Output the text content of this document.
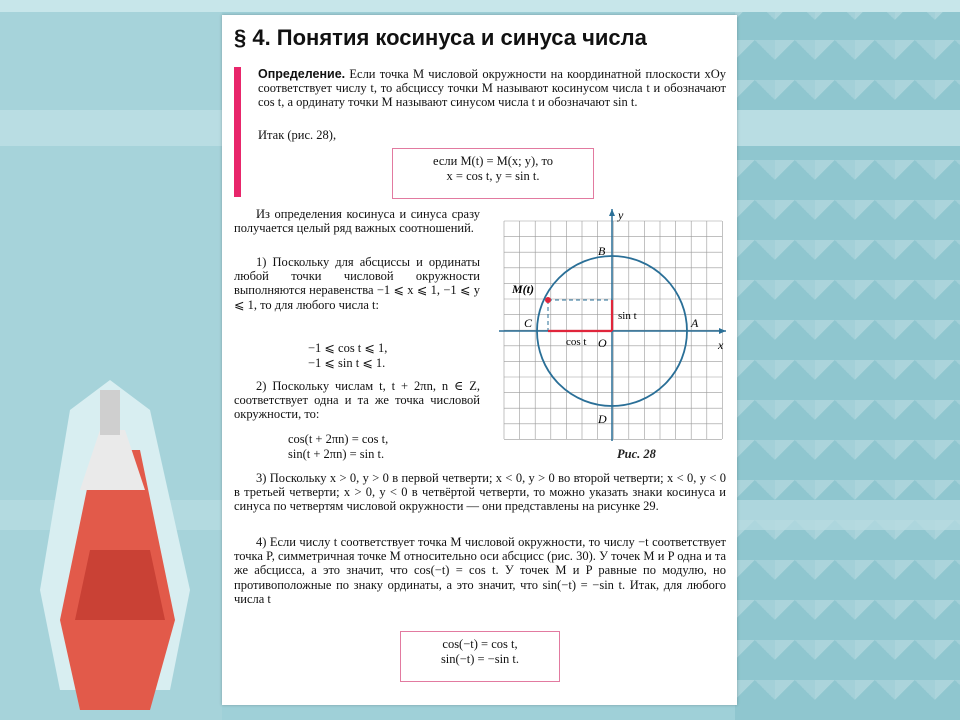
§ 4. Понятия косинуса и синуса числа

Определение. Если точка M числовой окружности на координатной плоскости xOy соответствует числу t, то абсциссу точки M называют косинусом числа t и обозначают cos t, а ординату точки M называют синусом числа t и обозначают sin t.

Итак (рис. 28),

если M(t) = M(x; y), то
x = cos t, y = sin t.

Из определения косинуса и синуса сразу получается целый ряд важных соотношений.

1) Поскольку для абсциссы и ординаты любой точки числовой окружности выполняются неравенства −1 ⩽ x ⩽ 1, −1 ⩽ y ⩽ 1, то для любого числа t:

−1 ⩽ cos t ⩽ 1,

−1 ⩽ sin t ⩽ 1.

2) Поскольку числам t, t + 2πn, n ∈ Z, соответствует одна и та же точка числовой окружности, то:

cos(t + 2πn) = cos t,

sin(t + 2πn) = sin t.

y
x
B
A
C
D
O
M(t)
sin t
cos t
Рис. 28

3) Поскольку x > 0, y > 0 в первой четверти; x < 0, y > 0 во второй четверти; x < 0, y < 0 в третьей четверти; x > 0, y < 0 в четвёртой четверти, то можно указать знаки косинуса и синуса по четвертям числовой окружности — они представлены на рисунке 29.

4) Если числу t соответствует точка M числовой окружности, то числу −t соответствует точка P, симметричная точке M относительно оси абсцисс (рис. 30). У точек M и P одна и та же абсцисса, а это значит, что cos(−t) = cos t. У точек M и P равные по модулю, но противоположные по знаку ординаты, а это значит, что sin(−t) = −sin t. Итак, для любого числа t

cos(−t) = cos t,
sin(−t) = −sin t.
